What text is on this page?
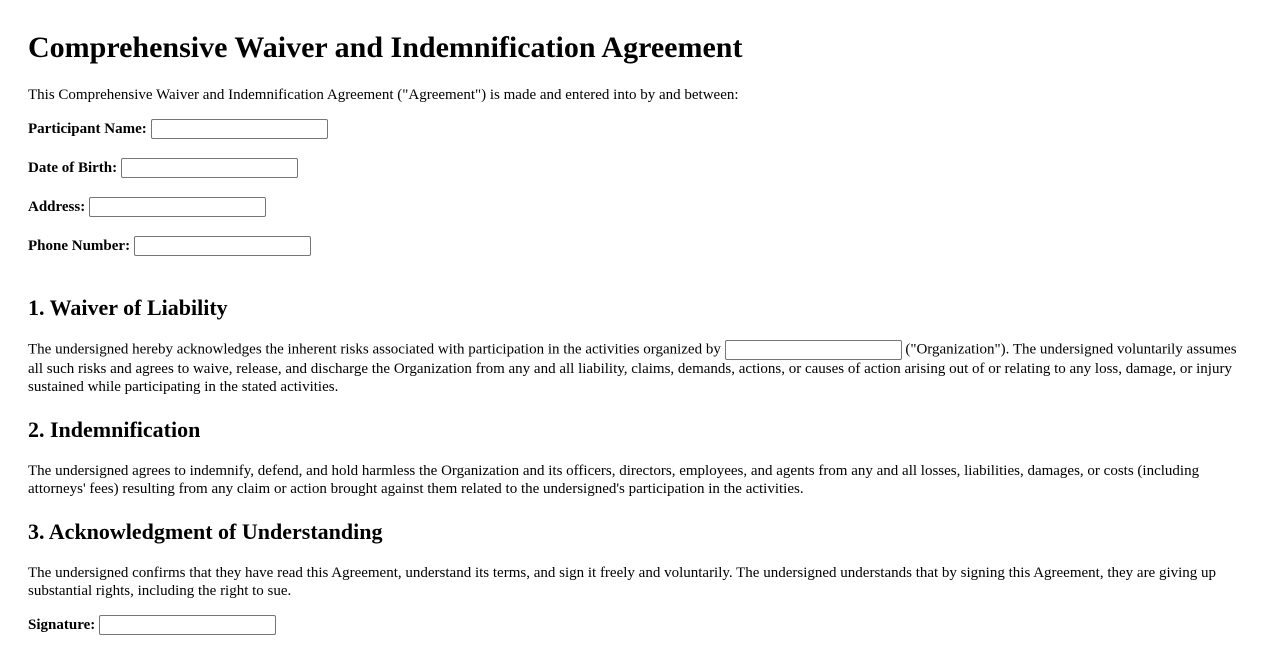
Comprehensive Waiver and Indemnification Agreement

This Comprehensive Waiver and Indemnification Agreement ("Agreement") is made and entered into by and between:

Participant Name:
Date of Birth:
Address:
Phone Number:
1. Waiver of Liability

The undersigned hereby acknowledges the inherent risks associated with participation in the activities organized by	("Organization"). The undersigned voluntarily assumes all such risks and agrees to waive, release, and discharge the Organization from any and all liability, claims, demands, actions, or causes of action arising out of or relating to any loss, damage, or injury sustained while participating in the stated activities.

2. Indemnification

The undersigned agrees to indemnify, defend, and hold harmless the Organization and its officers, directors, employees, and agents from any and all losses, liabilities, damages, or costs (including attorneys' fees) resulting from any claim or action brought against them related to the undersigned's participation in the activities.

3. Acknowledgment of Understanding

The undersigned confirms that they have read this Agreement, understand its terms, and sign it freely and voluntarily. The undersigned understands that by signing this Agreement, they are giving up substantial rights, including the right to sue.

Signature:
